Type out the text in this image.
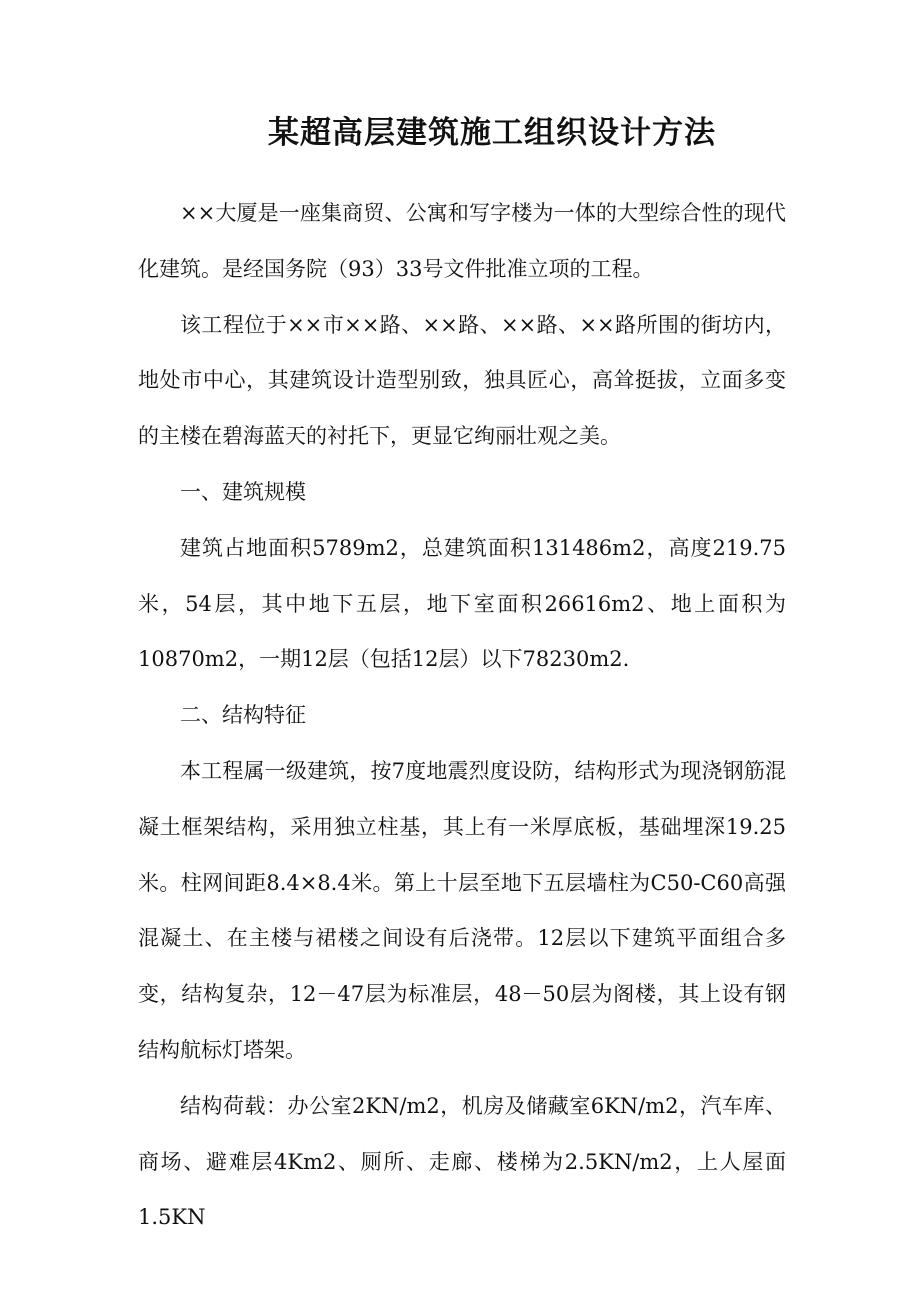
某超高层建筑施工组织设计方法

××大厦是一座集商贸、公寓和写字楼为一体的大型综合性的现代化建筑。是经国务院（93）33号文件批准立项的工程。

该工程位于××市××路、××路、××路、××路所围的街坊内，地处市中心，其建筑设计造型别致，独具匠心，高耸挺拔，立面多变的主楼在碧海蓝天的衬托下，更显它绚丽壮观之美。

一、建筑规模

建筑占地面积5789m2，总建筑面积131486m2，高度219.75米，54层，其中地下五层，地下室面积26616m2、地上面积为10870m2，一期12层（包括12层）以下78230m2.

二、结构特征

本工程属一级建筑，按7度地震烈度设防，结构形式为现浇钢筋混凝土框架结构，采用独立柱基，其上有一米厚底板，基础埋深19.25米。柱网间距8.4×8.4米。第上十层至地下五层墙柱为C50-C60高强混凝土、在主楼与裙楼之间设有后浇带。12层以下建筑平面组合多变，结构复杂，12－47层为标准层，48－50层为阁楼，其上设有钢结构航标灯塔架。

结构荷载：办公室2KN/m2，机房及储藏室6KN/m2，汽车库、商场、避难层4Km2、厕所、走廊、楼梯为2.5KN/m2，上人屋面1.5KN
